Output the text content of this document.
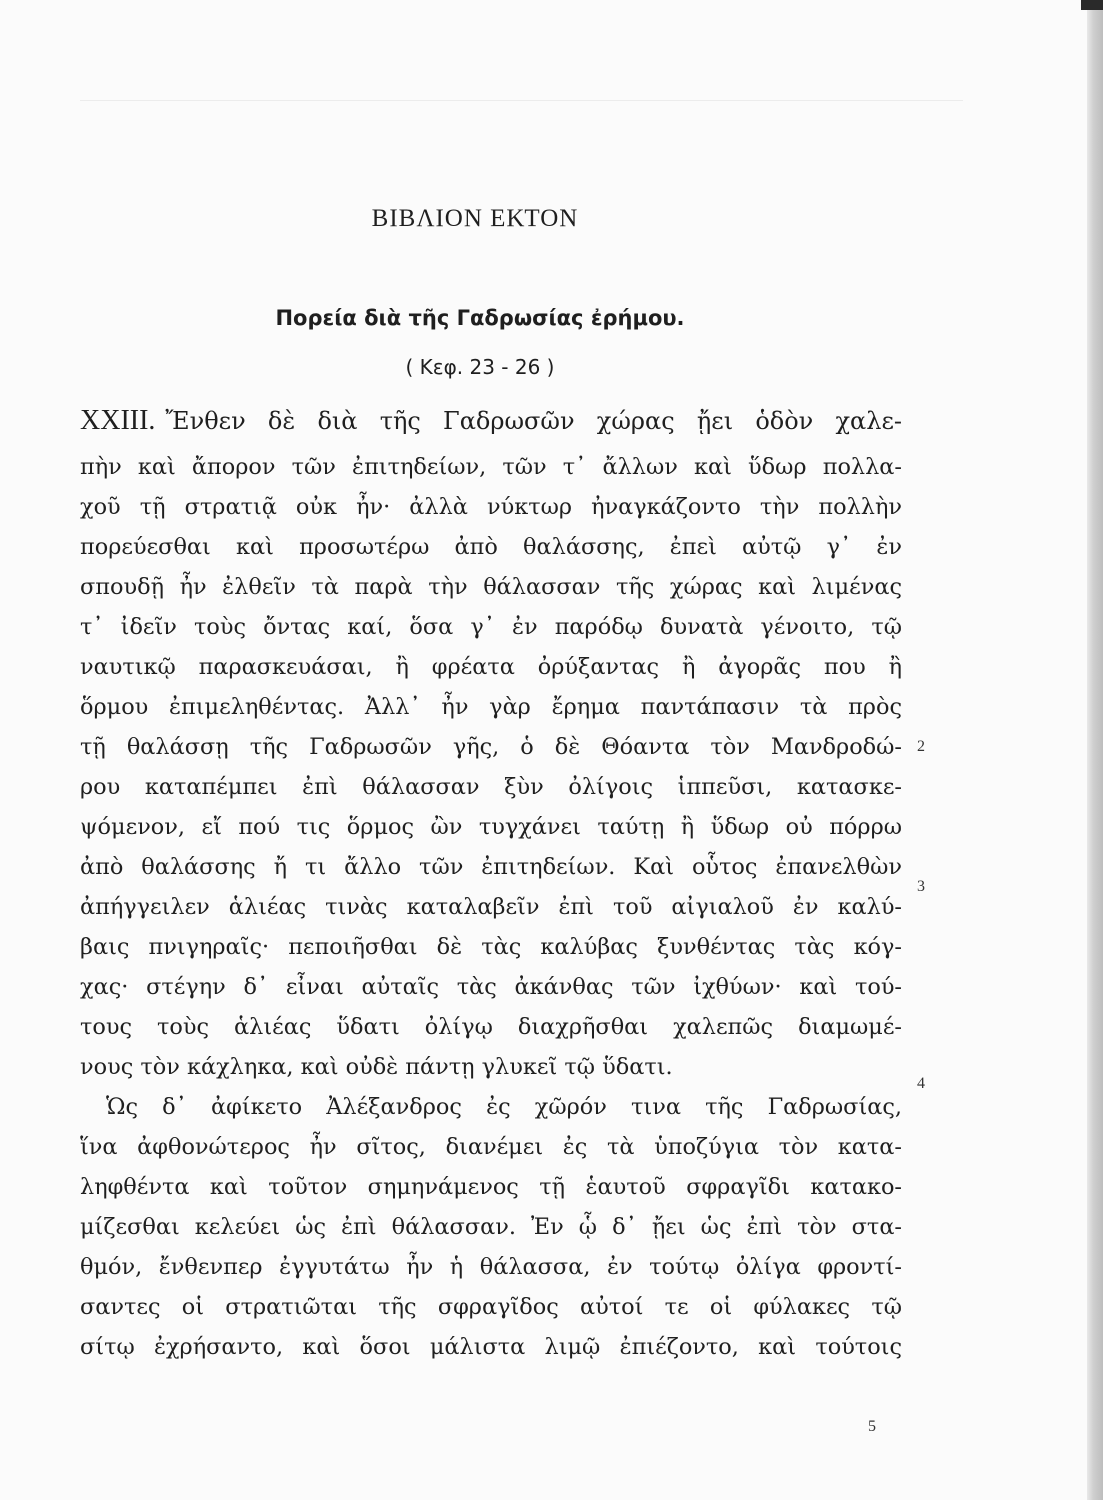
ΒΙΒΛΙΟΝ ΕΚΤΟΝ
Πορεία διὰ τῆς Γαδρωσίας ἐρήμου.
( Κεφ. 23 - 26 )
XXIII. Ἔνθεν δὲ διὰ τῆς Γαδρωσῶν χώρας ᾔει ὁδὸν χαλε-
πὴν καὶ ἄπορον τῶν ἐπιτηδείων, τῶν τ᾽ ἄλλων καὶ ὕδωρ πολλα-
χοῦ τῇ στρατιᾷ οὐκ ἦν· ἀλλὰ νύκτωρ ἠναγκάζοντο τὴν πολλὴν
πορεύεσθαι καὶ προσωτέρω ἀπὸ θαλάσσης, ἐπεὶ αὐτῷ γ᾽ ἐν
σπουδῇ ἦν ἐλθεῖν τὰ παρὰ τὴν θάλασσαν τῆς χώρας καὶ λιμένας
τ᾽ ἰδεῖν τοὺς ὄντας καί, ὅσα γ᾽ ἐν παρόδῳ δυνατὰ γένοιτο, τῷ
ναυτικῷ παρασκευάσαι, ἢ φρέατα ὀρύξαντας ἢ ἀγορᾶς που ἢ
ὅρμου ἐπιμεληθέντας. Ἀλλ᾽ ἦν γὰρ ἔρημα παντάπασιν τὰ πρὸς
τῇ θαλάσσῃ τῆς Γαδρωσῶν γῆς, ὁ δὲ Θόαντα τὸν Μανδροδώ-
ρου καταπέμπει ἐπὶ θάλασσαν ξὺν ὀλίγοις ἱππεῦσι, κατασκε-
ψόμενον, εἴ πού τις ὅρμος ὢν τυγχάνει ταύτῃ ἢ ὕδωρ οὐ πόρρω
ἀπὸ θαλάσσης ἤ τι ἄλλο τῶν ἐπιτηδείων. Καὶ οὗτος ἐπανελθὼν
ἀπήγγειλεν ἁλιέας τινὰς καταλαβεῖν ἐπὶ τοῦ αἰγιαλοῦ ἐν καλύ-
βαις πνιγηραῖς· πεποιῆσθαι δὲ τὰς καλύβας ξυνθέντας τὰς κόγ-
χας· στέγην δ᾽ εἶναι αὐταῖς τὰς ἀκάνθας τῶν ἰχθύων· καὶ τού-
τους τοὺς ἁλιέας ὕδατι ὀλίγῳ διαχρῆσθαι χαλεπῶς διαμωμέ-
νους τὸν κάχληκα, καὶ οὐδὲ πάντῃ γλυκεῖ τῷ ὕδατι.
Ὡς δ᾽ ἀφίκετο Ἀλέξανδρος ἐς χῶρόν τινα τῆς Γαδρωσίας,
ἵνα ἀφθονώτερος ἦν σῖτος, διανέμει ἐς τὰ ὑποζύγια τὸν κατα-
ληφθέντα καὶ τοῦτον σημηνάμενος τῇ ἑαυτοῦ σφραγῖδι κατακο-
μίζεσθαι κελεύει ὡς ἐπὶ θάλασσαν. Ἐν ᾧ δ᾽ ᾔει ὡς ἐπὶ τὸν στα-
θμόν, ἔνθενπερ ἐγγυτάτω ἦν ἡ θάλασσα, ἐν τούτῳ ὀλίγα φροντί-
σαντες οἱ στρατιῶται τῆς σφραγῖδος αὐτοί τε οἱ φύλακες τῷ
σίτῳ ἐχρήσαντο, καὶ ὅσοι μάλιστα λιμῷ ἐπιέζοντο, καὶ τούτοις
2
3
4
5
